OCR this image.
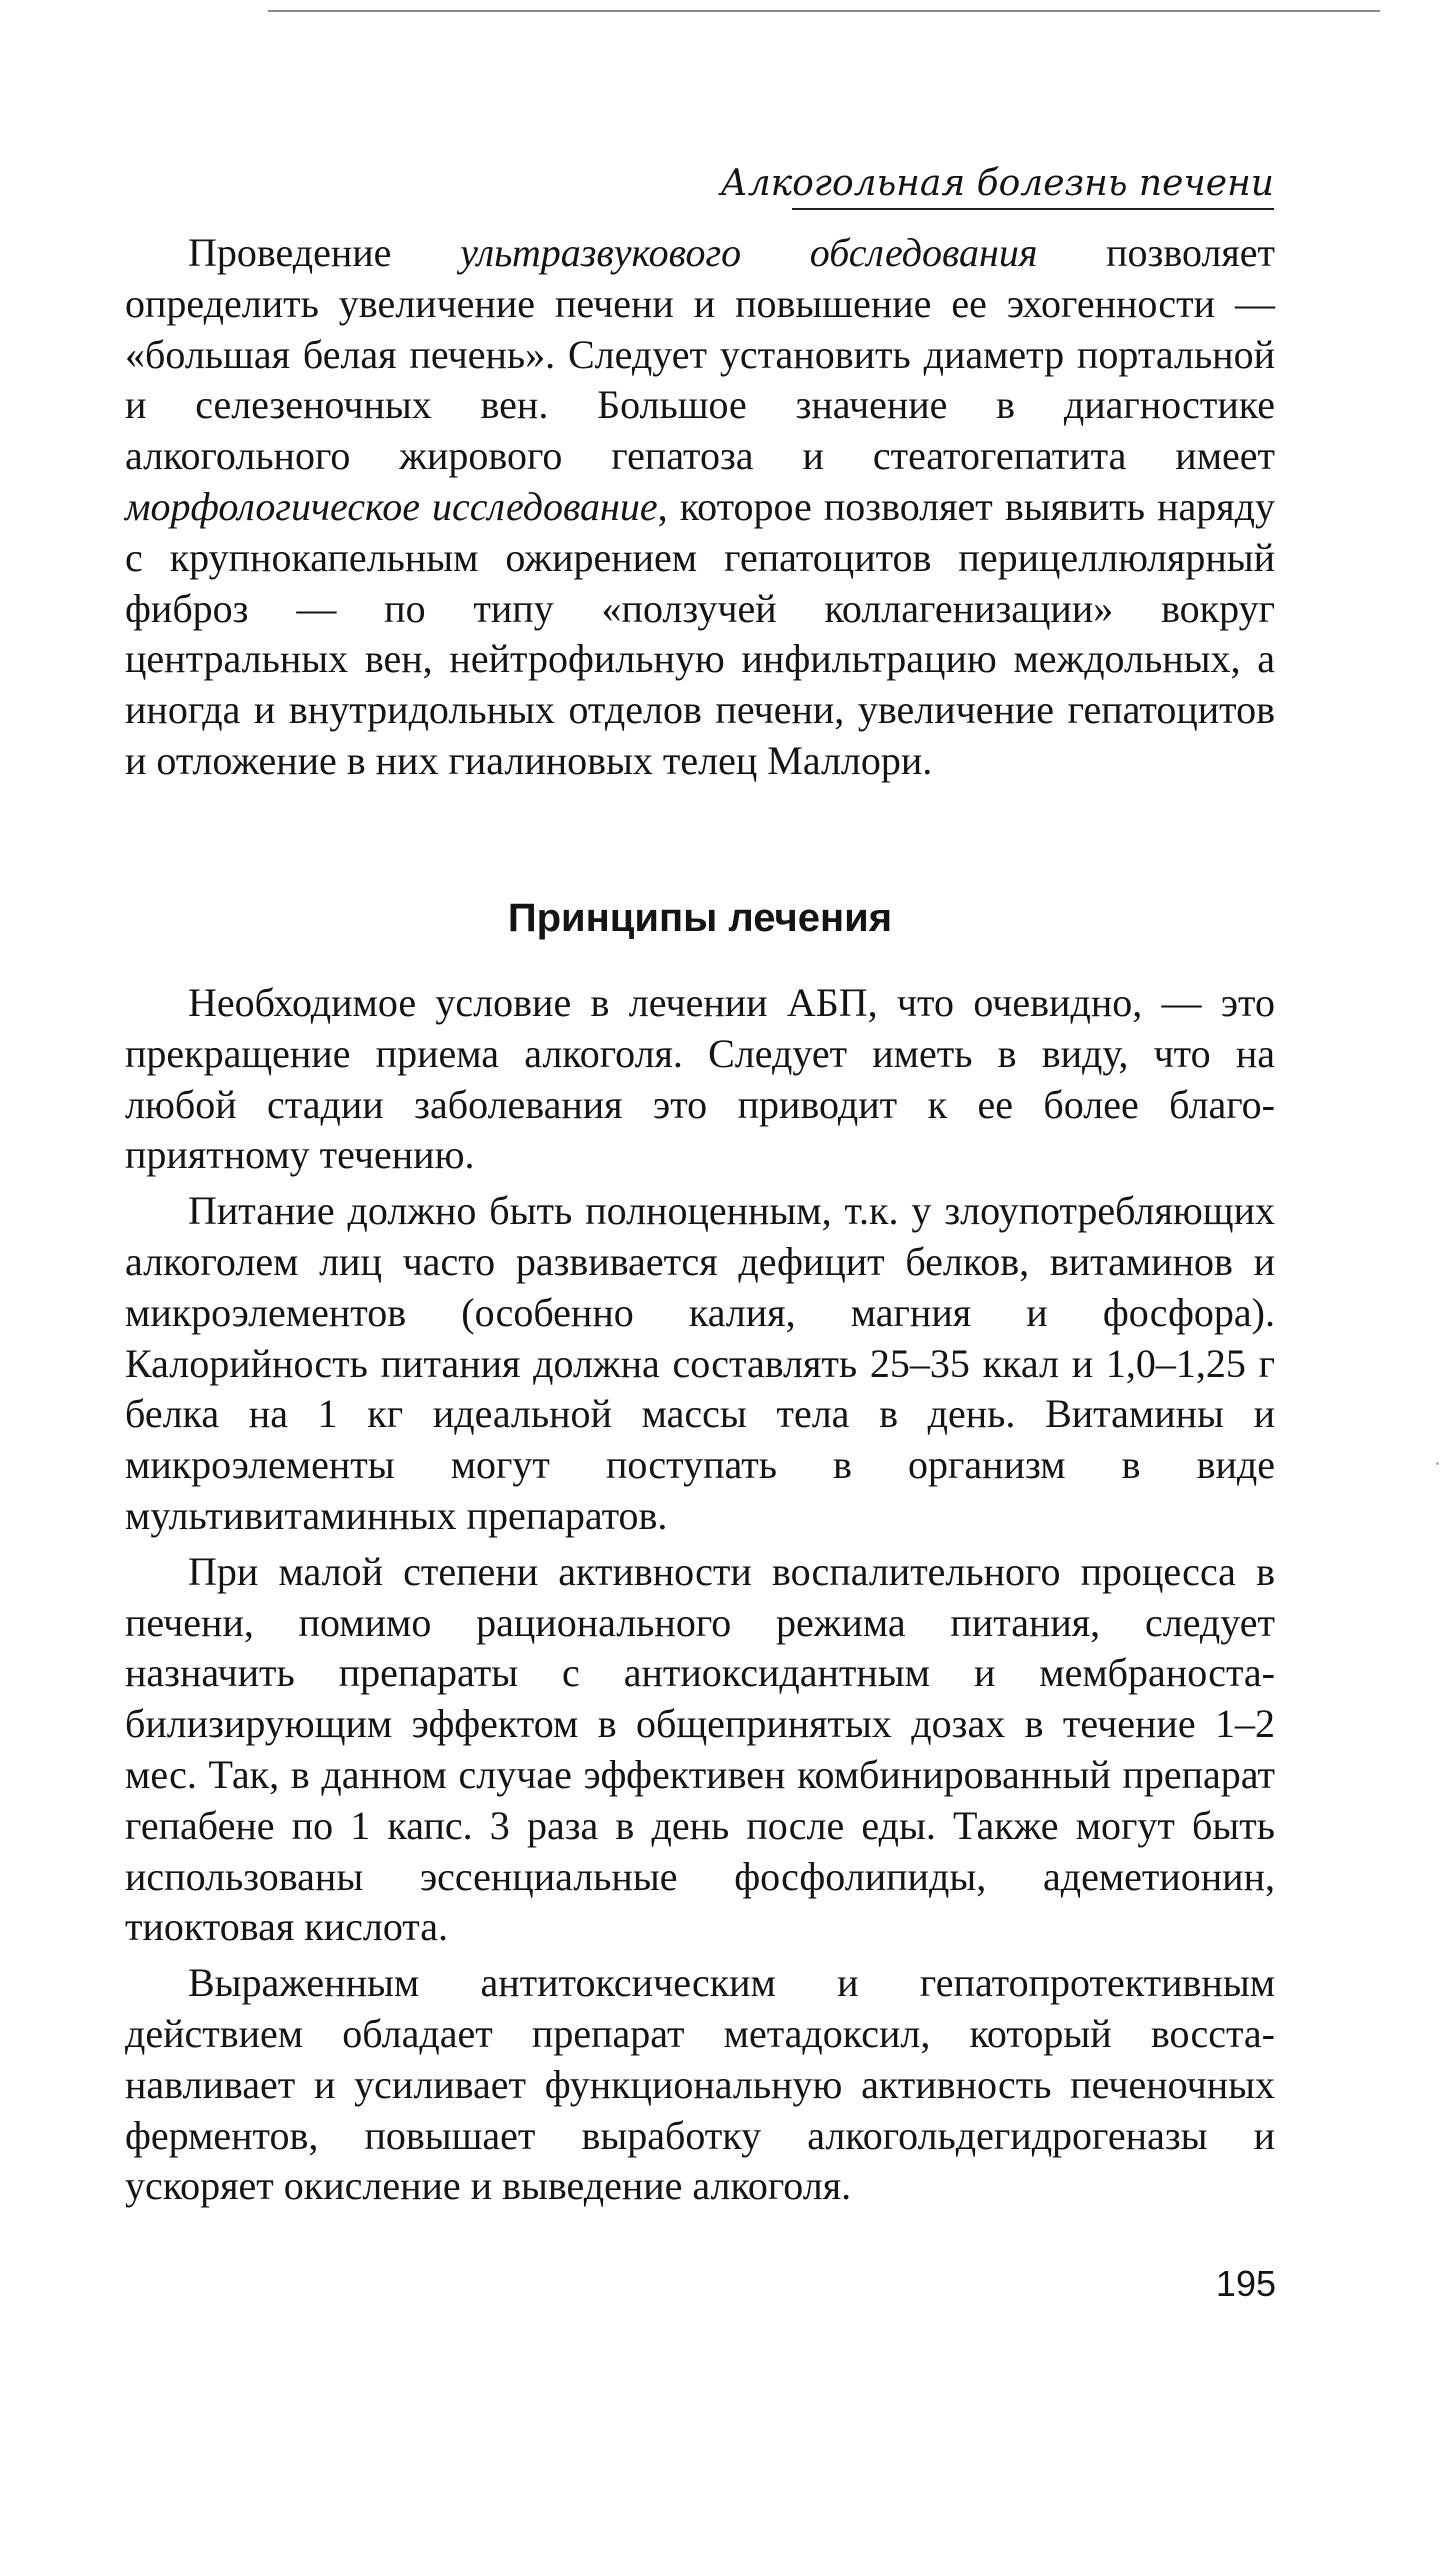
Алкогольная болезнь печени

Проведение ультразвукового обследования позволяет определить увеличение печени и повышение ее эхогенности — «большая белая печень». Следует установить диаметр портальной и селезеночных вен. Большое значение в диагностике алкогольного жирового гепатоза и стеатогепатита имеет морфологическое исследование, которое позволяет выявить наряду с крупнокапельным ожирением гепатоцитов перицеллюлярный фиброз — по типу «ползучей коллагенизации» вокруг центральных вен, нейтрофильную инфильтрацию междольных, а иногда и внутридольных отделов печени, увеличение гепатоцитов и отложение в них гиалиновых телец Маллори.

Принципы лечения

Необходимое условие в лечении АБП, что очевидно, — это прекращение приема алкоголя. Следует иметь в виду, что на любой стадии заболевания это приводит к ее более благоприятному течению.

Питание должно быть полноценным, т.к. у злоупотребляющих алкоголем лиц часто развивается дефицит белков, витаминов и микроэлементов (особенно калия, магния и фосфора). Калорийность питания должна составлять 25–35 ккал и 1,0–1,25 г белка на 1 кг идеальной массы тела в день. Витамины и микроэлементы могут поступать в организм в виде мультивитаминных препаратов.

При малой степени активности воспалительного процесса в печени, помимо рационального режима питания, следует назначить препараты с антиоксидантным и мембраностабилизирующим эффектом в общепринятых дозах в течение 1–2 мес. Так, в данном случае эффективен комбинированный препарат гепабене по 1 капс. 3 раза в день после еды. Также могут быть использованы эссенциальные фосфолипиды, адеметионин, тиоктовая кислота.

Выраженным антитоксическим и гепатопротективным действием обладает препарат метадоксил, который восстанавливает и усиливает функциональную активность печеночных ферментов, повышает выработку алкогольдегидрогеназы и ускоряет окисление и выведение алкоголя.

195
